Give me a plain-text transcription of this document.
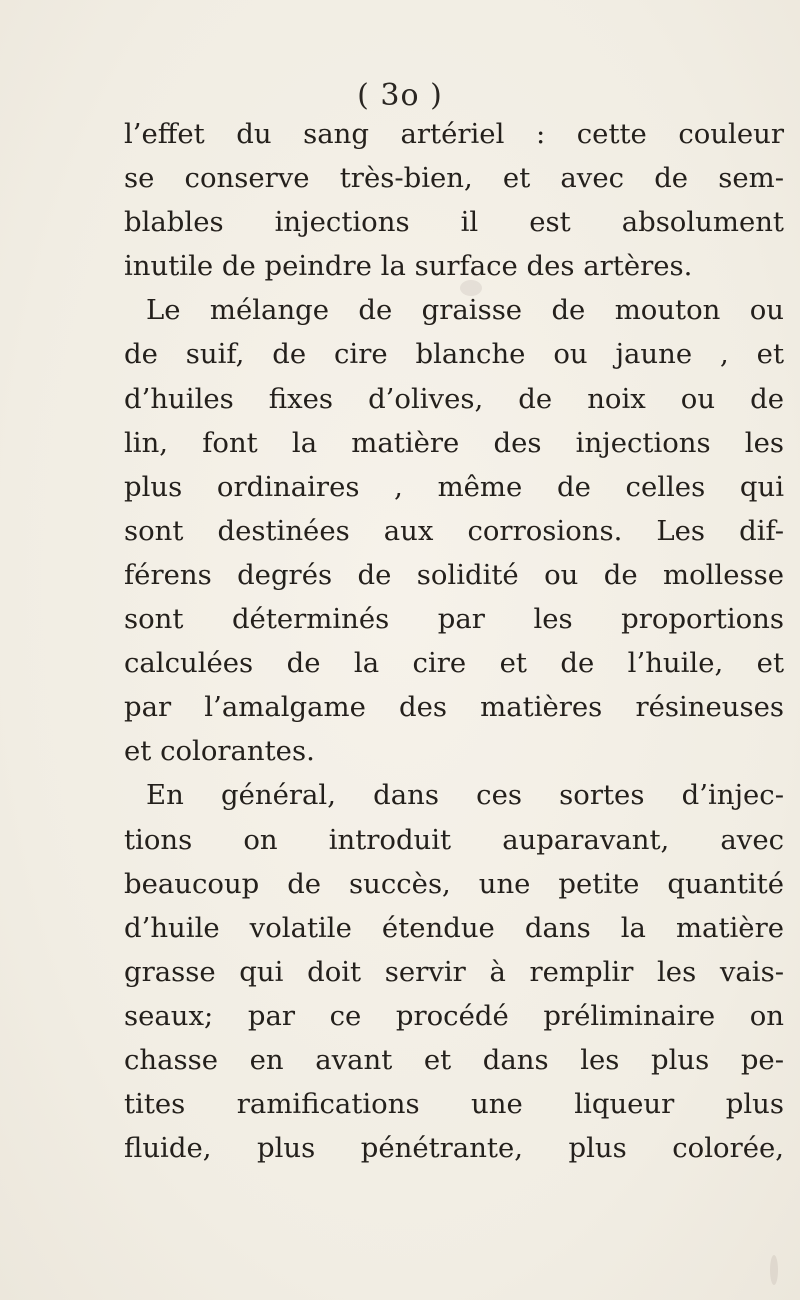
( 3o )
l’effet du sang artériel : cette couleur
se conserve très-bien, et avec de sem-
blables injections il est absolument
inutile de peindre la surface des artères.
Le mélange de graisse de mouton ou
de suif, de cire blanche ou jaune , et
d’huiles fixes d’olives, de noix ou de
lin, font la matière des injections les
plus ordinaires , même de celles qui
sont destinées aux corrosions. Les dif-
férens degrés de solidité ou de mollesse
sont déterminés par les proportions
calculées de la cire et de l’huile, et
par l’amalgame des matières résineuses
et colorantes.
En général, dans ces sortes d’injec-
tions on introduit auparavant, avec
beaucoup de succès, une petite quantité
d’huile volatile étendue dans la matière
grasse qui doit servir à remplir les vais-
seaux; par ce procédé préliminaire on
chasse en avant et dans les plus pe-
tites ramifications une liqueur plus
fluide, plus pénétrante, plus colorée,
